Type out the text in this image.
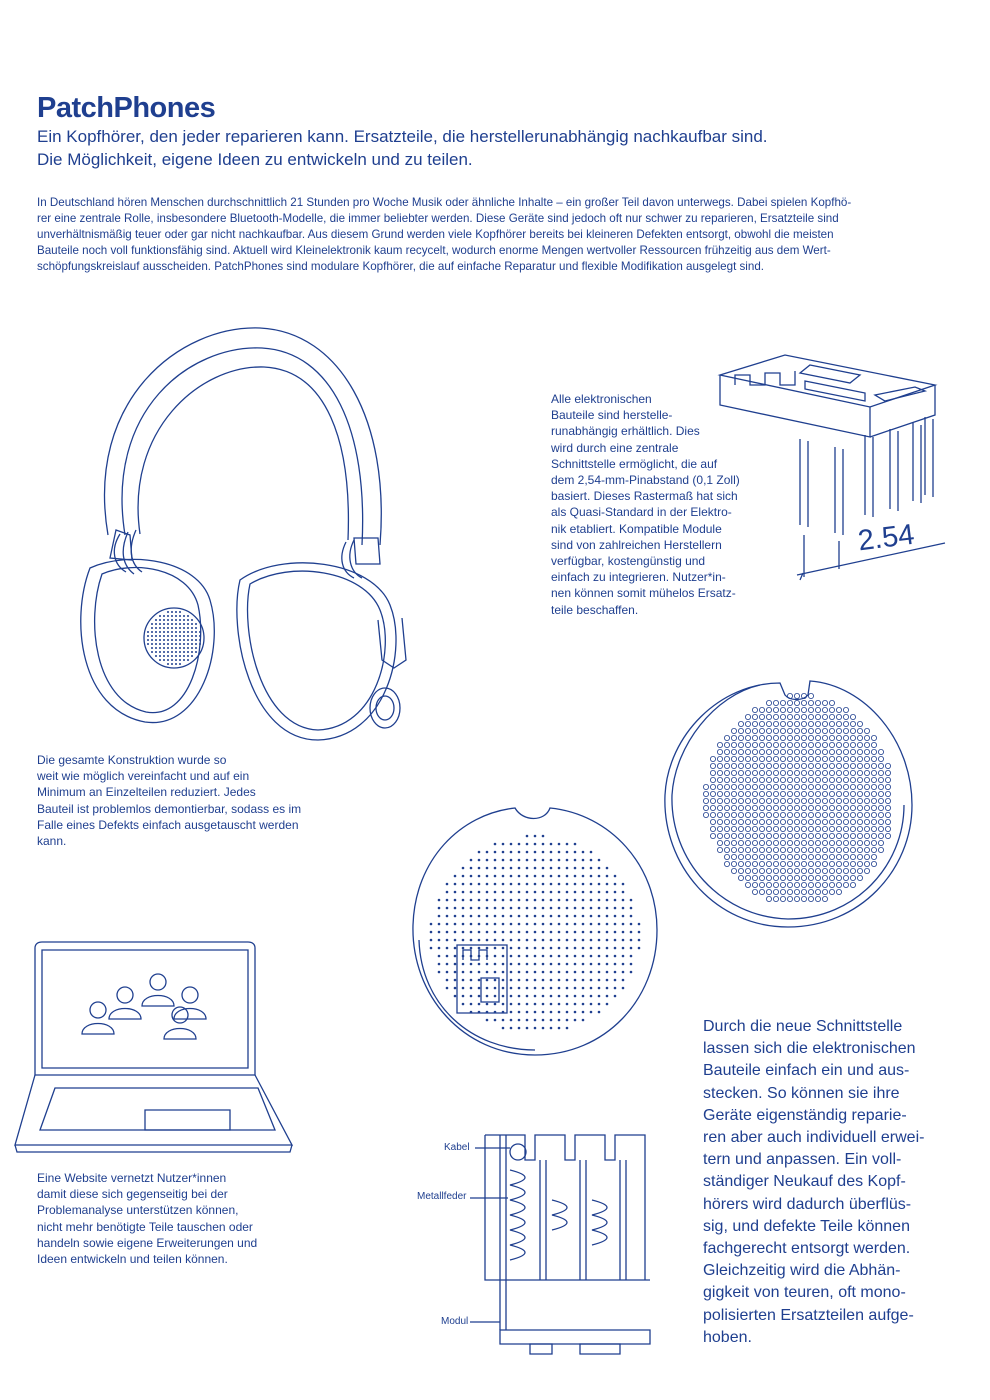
PatchPhones
Ein Kopfhörer, den jeder reparieren kann. Ersatzteile, die herstellerunabhängig nachkaufbar sind.
Die Möglichkeit, eigene Ideen zu entwickeln und zu teilen.
In Deutschland hören Menschen durchschnittlich 21 Stunden pro Woche Musik oder ähnliche Inhalte – ein großer Teil davon unterwegs. Dabei spielen Kopfhö-
rer eine zentrale Rolle, insbesondere Bluetooth-Modelle, die immer beliebter werden. Diese Geräte sind jedoch oft nur schwer zu reparieren, Ersatzteile sind
unverhältnismäßig teuer oder gar nicht nachkaufbar. Aus diesem Grund werden viele Kopfhörer bereits bei kleineren Defekten entsorgt, obwohl die meisten
Bauteile noch voll funktionsfähig sind. Aktuell wird Kleinelektronik kaum recycelt, wodurch enorme Mengen wertvoller Ressourcen frühzeitig aus dem Wert-
schöpfungskreislauf ausscheiden. PatchPhones sind modulare Kopfhörer, die auf einfache Reparatur und flexible Modifikation ausgelegt sind.
2.54
Alle elektronischen
Bauteile sind herstelle-
runabhängig erhältlich. Dies
wird durch eine zentrale
Schnittstelle ermöglicht, die auf
dem 2,54-mm-Pinabstand (0,1 Zoll)
basiert. Dieses Rastermaß hat sich
als Quasi-Standard in der Elektro-
nik etabliert. Kompatible Module
sind von zahlreichen Herstellern
verfügbar, kostengünstig und
einfach zu integrieren. Nutzer*in-
nen können somit mühelos Ersatz-
teile beschaffen.
Die gesamte Konstruktion wurde so
weit wie möglich vereinfacht und auf ein
Minimum an Einzelteilen reduziert. Jedes
Bauteil ist problemlos demontierbar, sodass es im
Falle eines Defekts einfach ausgetauscht werden
kann.
Eine Website vernetzt Nutzer*innen
damit diese sich gegenseitig bei der
Problemanalyse unterstützen können,
nicht mehr benötigte Teile tauschen oder
handeln sowie eigene Erweiterungen und
Ideen entwickeln und teilen können.
Kabel
Metallfeder
Modul
Durch die neue Schnittstelle
lassen sich die elektronischen
Bauteile einfach ein und aus-
stecken. So können sie ihre
Geräte eigenständig reparie-
ren aber auch individuell erwei-
tern und anpassen. Ein voll-
ständiger Neukauf des Kopf-
hörers wird dadurch überflüs-
sig, und defekte Teile können
fachgerecht entsorgt werden.
Gleichzeitig wird die Abhän-
gigkeit von teuren, oft mono-
polisierten Ersatzteilen aufge-
hoben.
